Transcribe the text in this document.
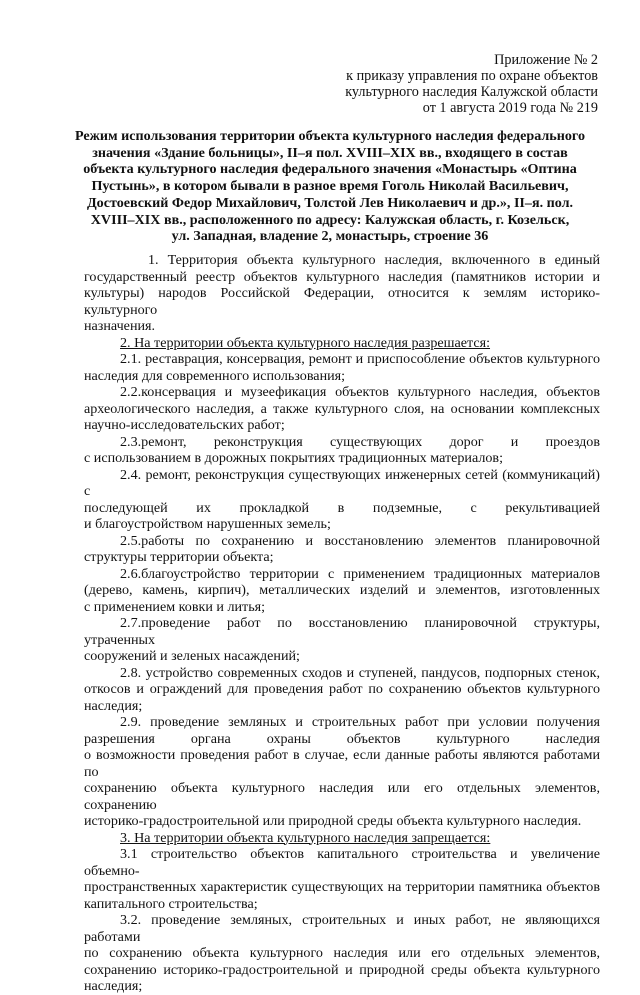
Приложение № 2
к приказу управления по охране объектов
культурного наследия Калужской области
от 1 августа 2019 года № 219
Режим использования территории объекта культурного наследия федерального
значения «Здание больницы», II–я пол. XVIII–XIX вв., входящего в состав
объекта культурного наследия федерального значения «Монастырь «Оптина
Пустынь», в котором бывали в разное время Гоголь Николай Васильевич,
Достоевский Федор Михайлович, Толстой Лев Николаевич и др.», II–я. пол.
XVIII–XIX вв., расположенного по адресу: Калужская область, г. Козельск,
ул. Западная, владение 2, монастырь, строение 36
1. Территория объекта культурного наследия, включенного в единый
государственный реестр объектов культурного наследия (памятников истории и
культуры) народов Российской Федерации, относится к землям историко-культурного
назначения.
2. На территории объекта культурного наследия разрешается:
2.1. реставрация, консервация, ремонт и приспособление объектов культурного
наследия для современного использования;
2.2.консервация и музеефикация объектов культурного наследия, объектов
археологического наследия, а также культурного слоя, на основании комплексных
научно-исследовательских работ;
2.3.ремонт, реконструкция существующих дорог и проездов
с использованием в дорожных покрытиях традиционных материалов;
2.4. ремонт, реконструкция существующих инженерных сетей (коммуникаций) с
последующей их прокладкой в подземные, с рекультивацией
и благоустройством нарушенных земель;
2.5.работы по сохранению и восстановлению элементов планировочной
структуры территории объекта;
2.6.благоустройство территории с применением традиционных материалов
(дерево, камень, кирпич), металлических изделий и элементов, изготовленных
с применением ковки и литья;
2.7.проведение работ по восстановлению планировочной структуры, утраченных
сооружений и зеленых насаждений;
2.8. устройство современных сходов и ступеней, пандусов, подпорных стенок,
откосов и ограждений для проведения работ по сохранению объектов культурного
наследия;
2.9. проведение земляных и строительных работ при условии получения
разрешения органа охраны объектов культурного наследия
о возможности проведения работ в случае, если данные работы являются работами по
сохранению объекта культурного наследия или его отдельных элементов, сохранению
историко-градостроительной или природной среды объекта культурного наследия.
3. На территории объекта культурного наследия запрещается:
3.1 строительство объектов капитального строительства и увеличение объемно-
пространственных характеристик существующих на территории памятника объектов
капитального строительства;
3.2. проведение земляных, строительных и иных работ, не являющихся работами
по сохранению объекта культурного наследия или его отдельных элементов,
сохранению историко-градостроительной и природной среды объекта культурного
наследия;
